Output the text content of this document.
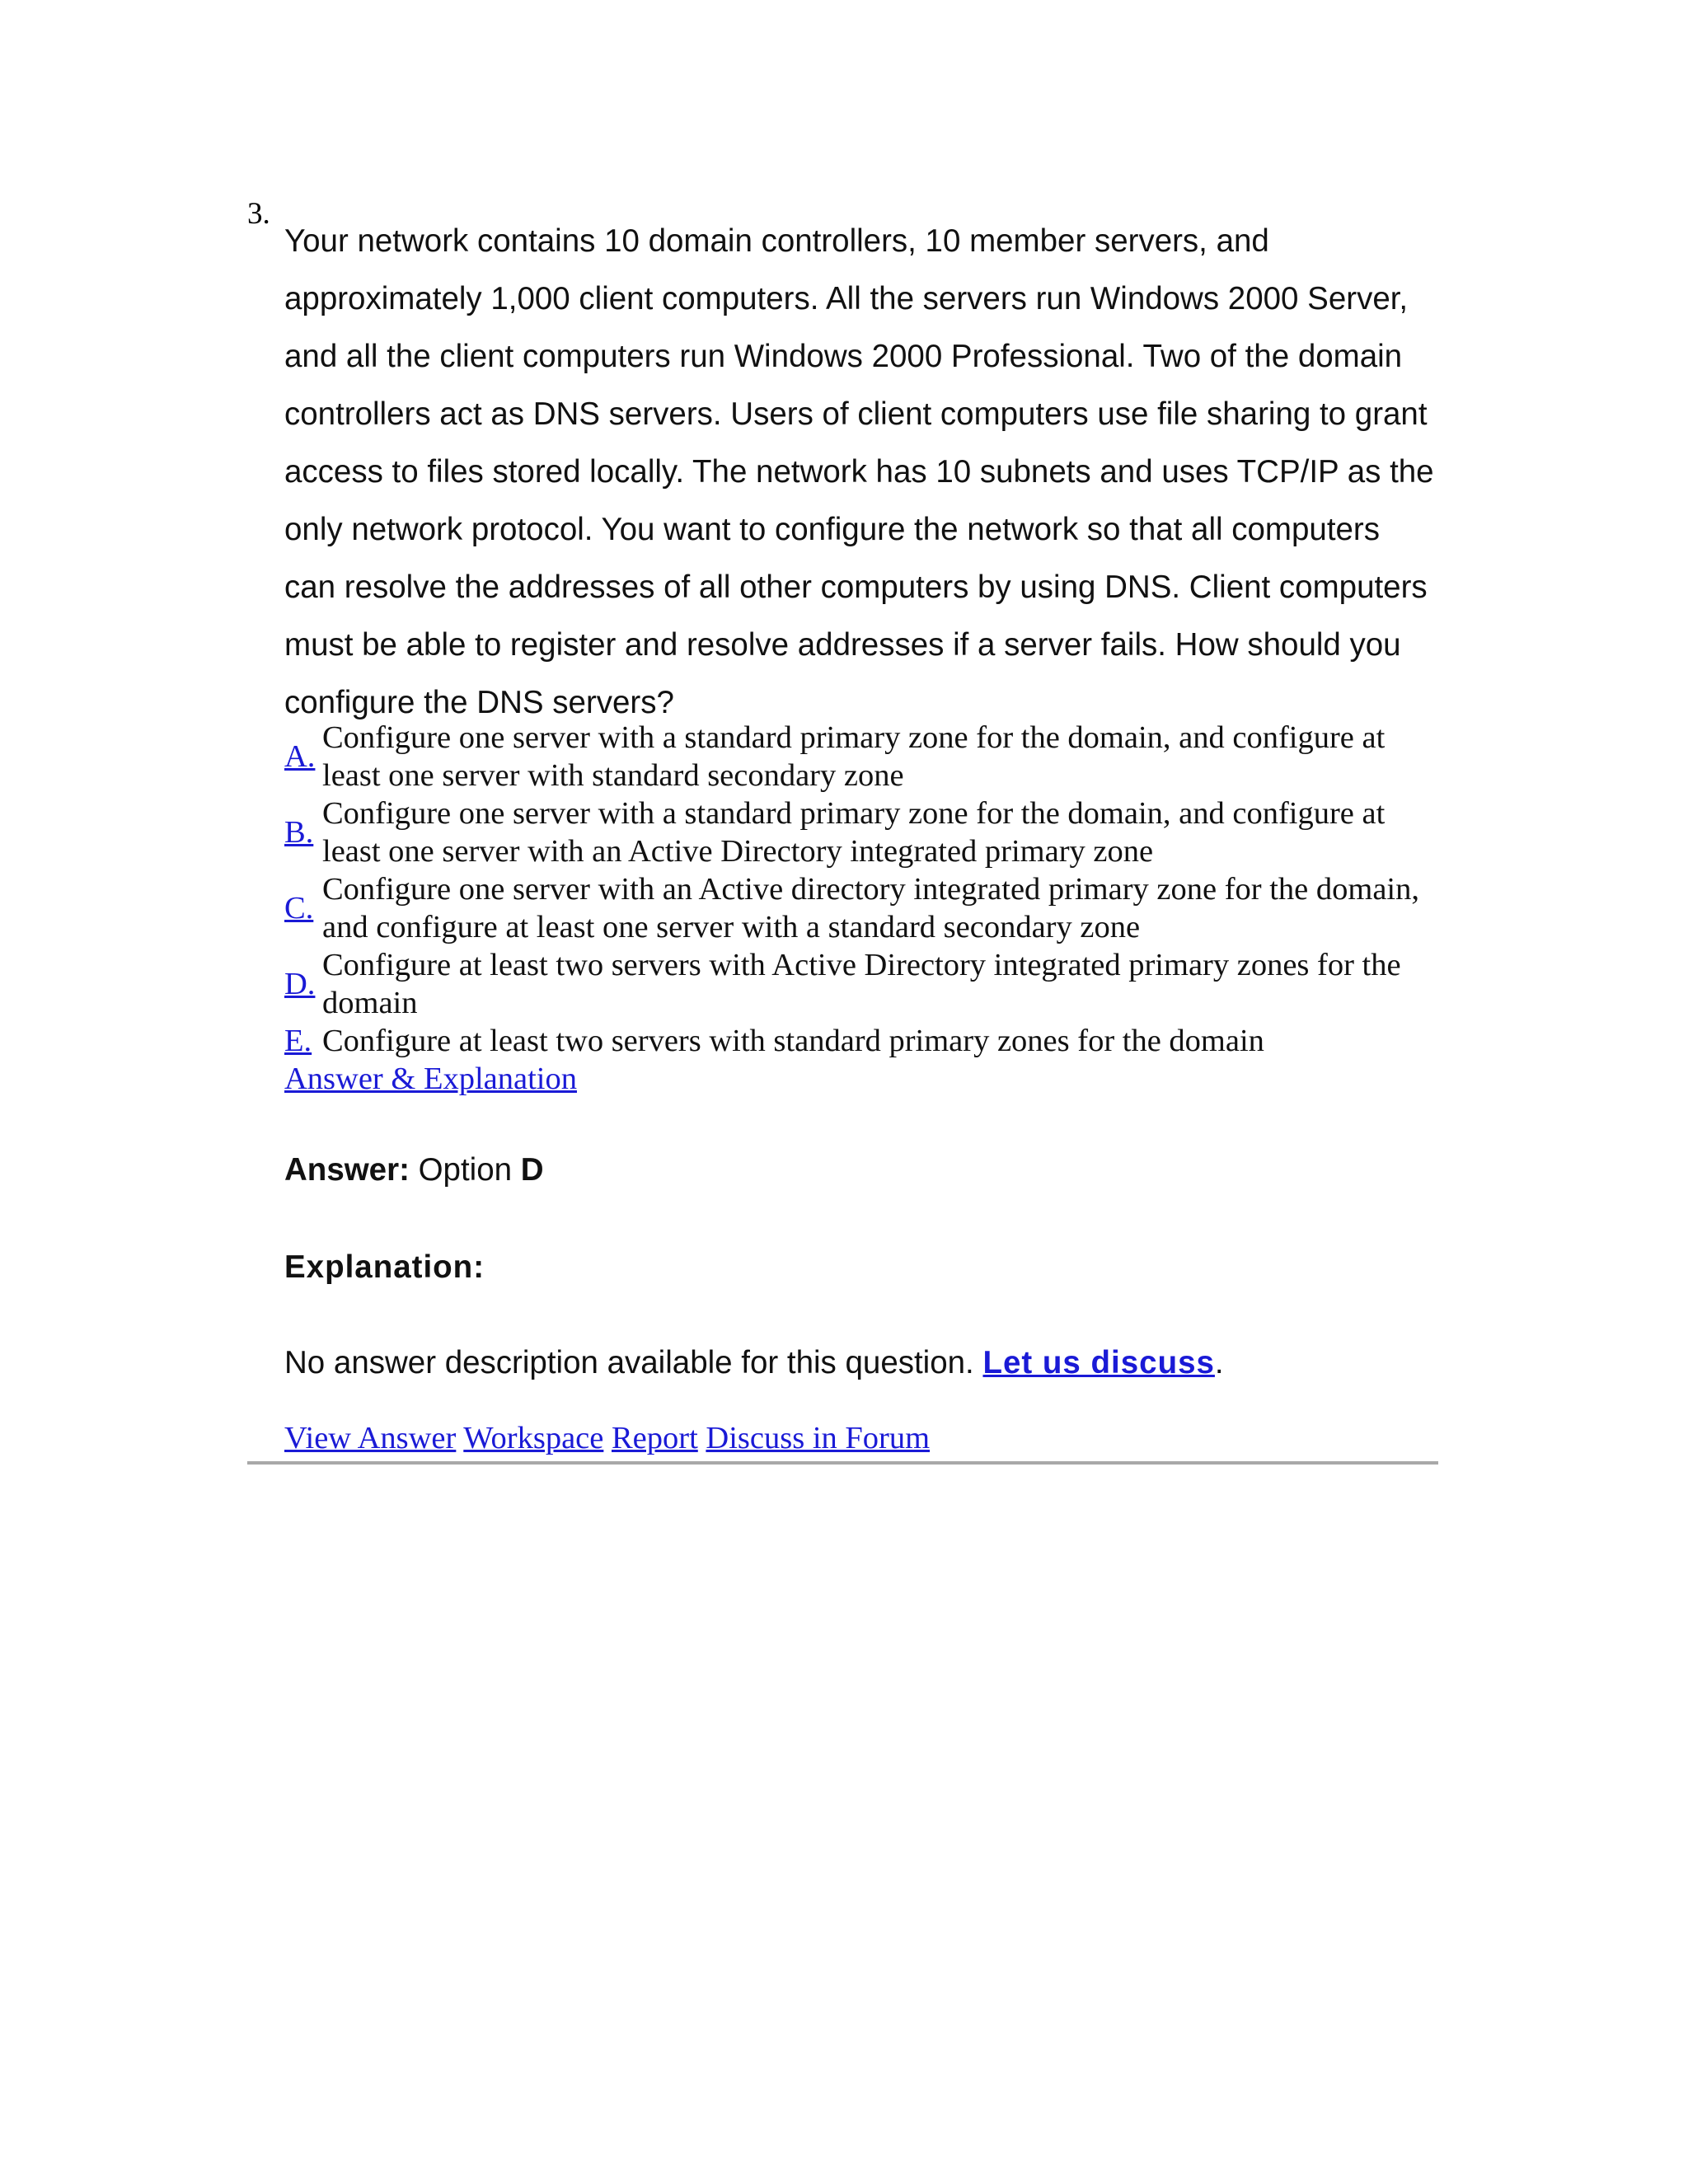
3.
Your network contains 10 domain controllers, 10 member servers, and approximately 1,000 client computers. All the servers run Windows 2000 Server, and all the client computers run Windows 2000 Professional. Two of the domain controllers act as DNS servers. Users of client computers use file sharing to grant access to files stored locally. The network has 10 subnets and uses TCP/IP as the only network protocol. You want to configure the network so that all computers can resolve the addresses of all other computers by using DNS. Client computers must be able to register and resolve addresses if a server fails. How should you configure the DNS servers?
A.
Configure one server with a standard primary zone for the domain, and configure at least one server with standard secondary zone
B.
Configure one server with a standard primary zone for the domain, and configure at least one server with an Active Directory integrated primary zone
C.
Configure one server with an Active directory integrated primary zone for the domain, and configure at least one server with a standard secondary zone
D.
Configure at least two servers with Active Directory integrated primary zones for the domain
E. Configure at least two servers with standard primary zones for the domain
Answer & Explanation
Answer: Option D
Explanation:
No answer description available for this question. Let us discuss.
View Answer Workspace Report Discuss in Forum
